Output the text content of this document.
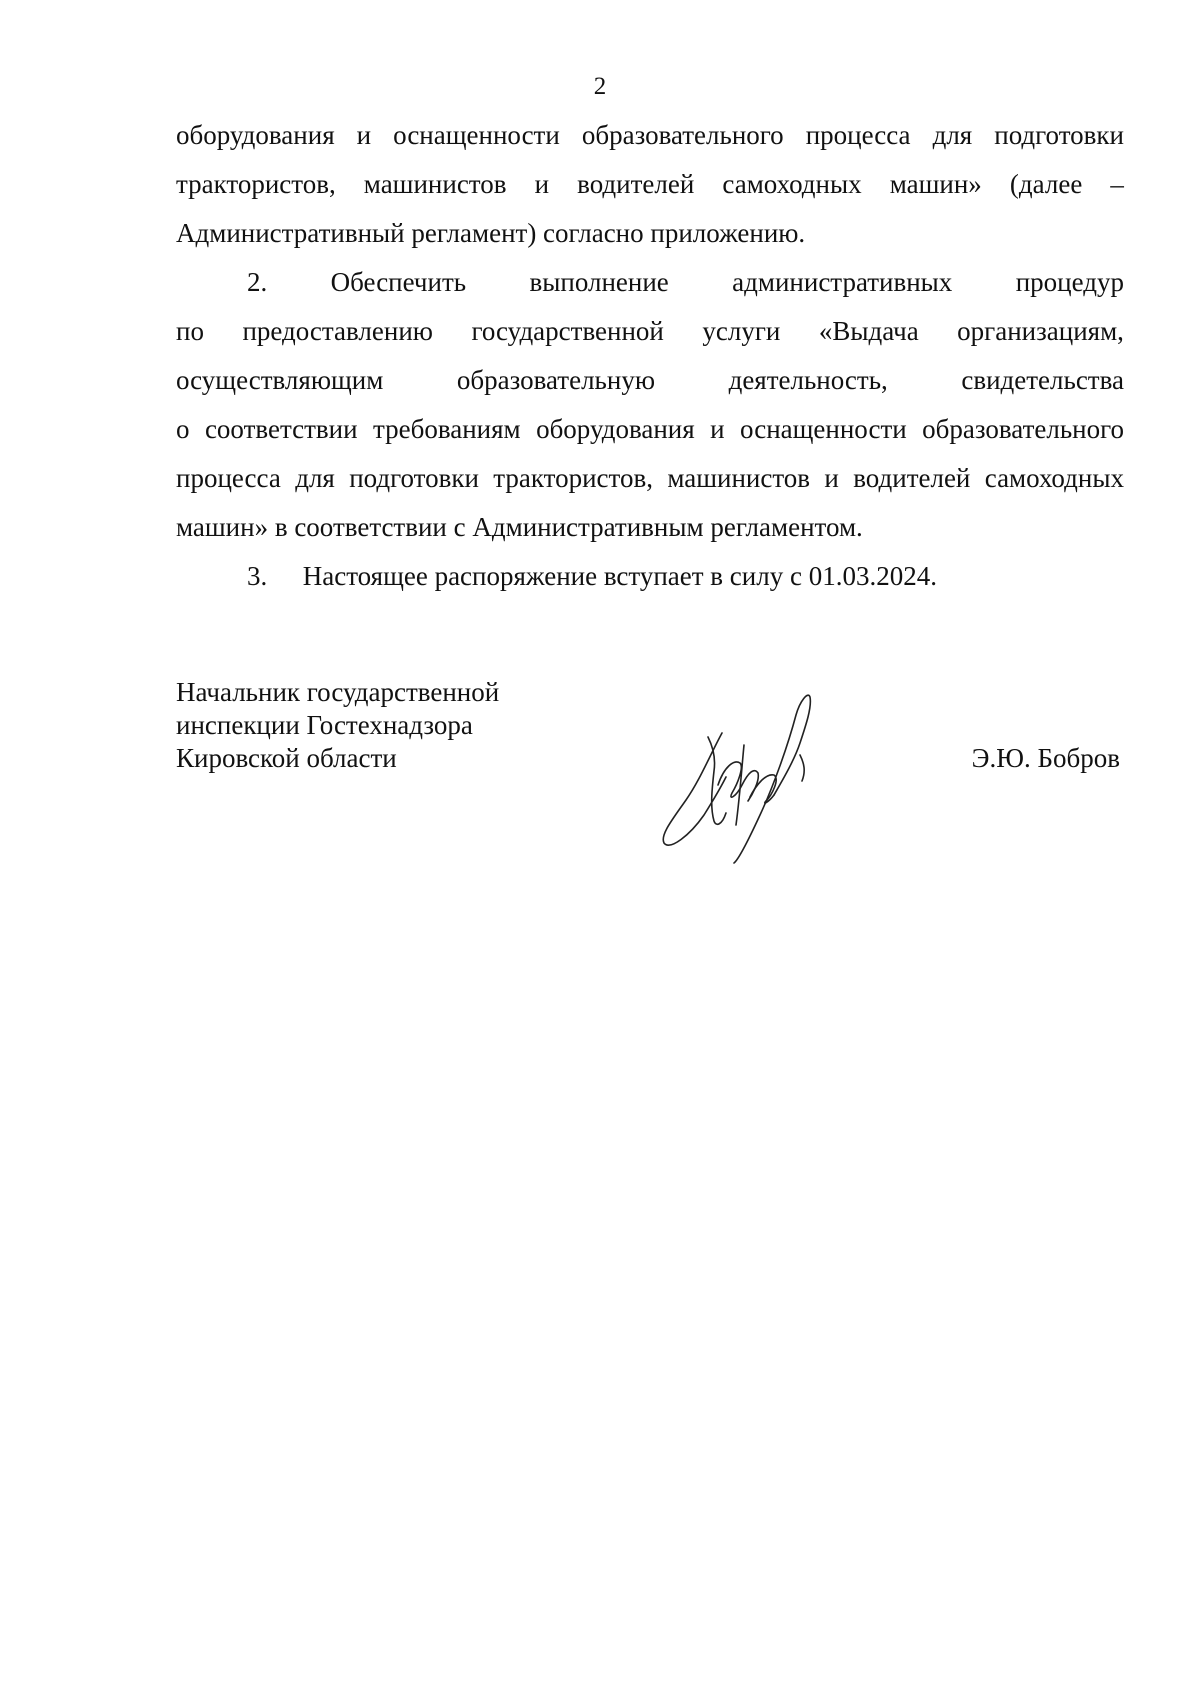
2
оборудования и оснащенности образовательного процесса для подготовки
трактористов, машинистов и водителей самоходных машин» (далее –
Административный регламент) согласно приложению.
2. Обеспечить выполнение административных процедур
по предоставлению государственной услуги «Выдача организациям,
осуществляющим	образовательную	деятельность,	свидетельства
о соответствии требованиям оборудования и оснащенности образовательного
процесса для подготовки трактористов, машинистов и водителей самоходных
машин» в соответствии с Административным регламентом.
3. Настоящее распоряжение вступает в силу с 01.03.2024.
Начальник государственной
инспекции Гостехнадзора
Кировской области	Э.Ю. Бобров
